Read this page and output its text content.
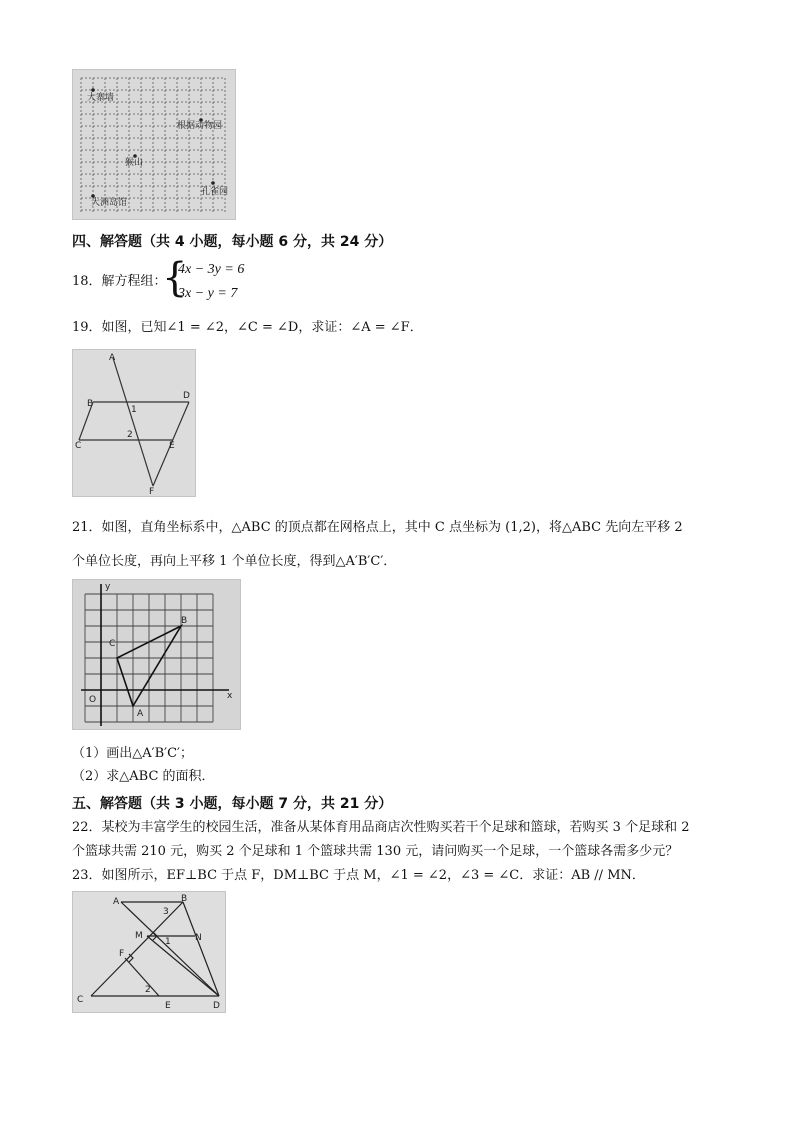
大寨墙
根据动物园
猴山
孔雀园
大洲岛馆
四、解答题（共 4 小题，每小题 6 分，共 24 分）
18．解方程组：
{
4x − 3y = 6
3x − y = 7
19．如图，已知∠1 = ∠2，∠C = ∠D，求证：∠A = ∠F．
A
B
1
D
2
C	E
F
21．如图，直角坐标系中，△ABC 的顶点都在网格点上，其中 C 点坐标为 (1,2)，将△ABC 先向左平移 2
个单位长度，再向上平移 1 个单位长度，得到△A′B′C′．
y
B
C
O	x
A
（1）画出△A′B′C′；
（2）求△ABC 的面积．
五、解答题（共 3 小题，每小题 7 分，共 21 分）
22．某校为丰富学生的校园生活，准备从某体育用品商店次性购买若干个足球和篮球，若购买 3 个足球和 2
个篮球共需 210 元，购买 2 个足球和 1 个篮球共需 130 元，请问购买一个足球，一个篮球各需多少元？
23．如图所示，EF⊥BC 于点 F，DM⊥BC 于点 M，∠1 = ∠2，∠3 = ∠C．求证：AB // MN．
A
3
B
M
1	N
F
C
2
E	D
